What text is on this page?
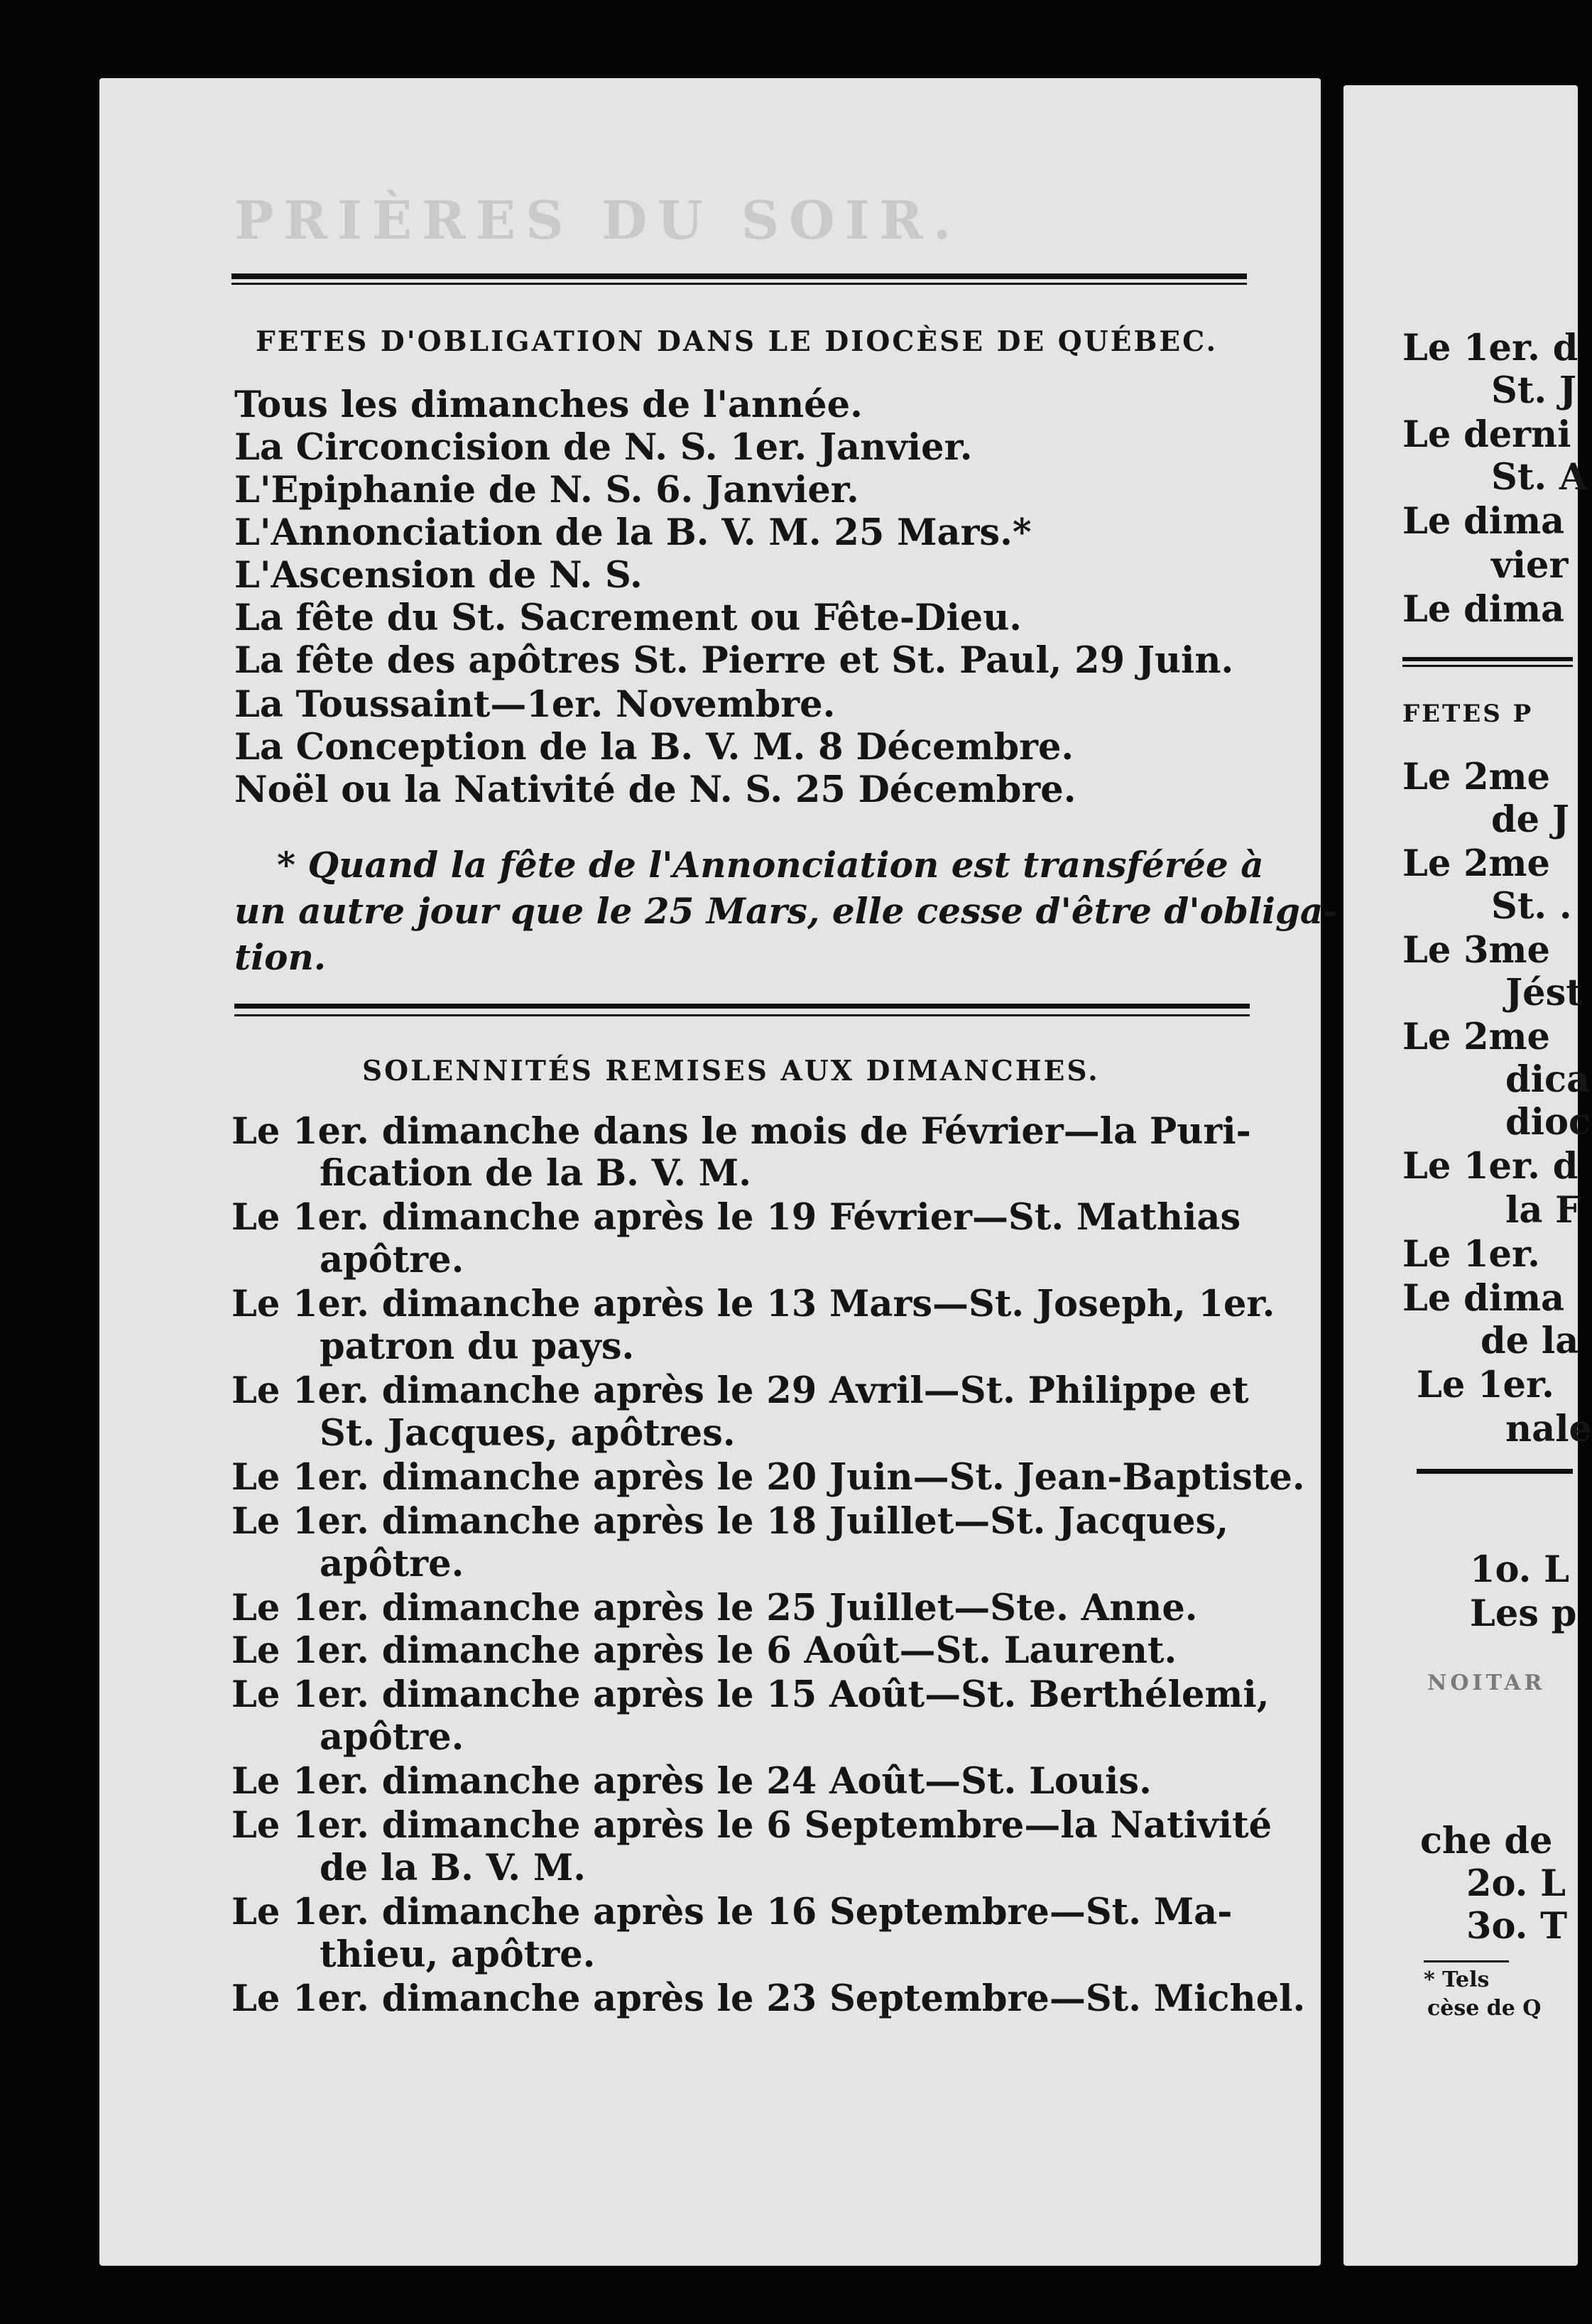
PRIÈRES DU SOIR.
FETES D'OBLIGATION DANS LE DIOCÈSE DE QUÉBEC.
Tous les dimanches de l'année.
La Circoncision de N. S. 1er. Janvier.
L'Epiphanie de N. S. 6. Janvier.
L'Annonciation de la B. V. M. 25 Mars.*
L'Ascension de N. S.
La fête du St. Sacrement ou Fête-Dieu.
La fête des apôtres St. Pierre et St. Paul, 29 Juin.
La Toussaint—1er. Novembre.
La Conception de la B. V. M. 8 Décembre.
Noël ou la Nativité de N. S. 25 Décembre.
* Quand la fête de l'Annonciation est transférée à
un autre jour que le 25 Mars, elle cesse d'être d'obliga-
tion.
SOLENNITÉS REMISES AUX DIMANCHES.
Le 1er. dimanche dans le mois de Février—la Puri-
fication de la B. V. M.
Le 1er. dimanche après le 19 Février—St. Mathias
apôtre.
Le 1er. dimanche après le 13 Mars—St. Joseph, 1er.
patron du pays.
Le 1er. dimanche après le 29 Avril—St. Philippe et
St. Jacques, apôtres.
Le 1er. dimanche après le 20 Juin—St. Jean-Baptiste.
Le 1er. dimanche après le 18 Juillet—St. Jacques,
apôtre.
Le 1er. dimanche après le 25 Juillet—Ste. Anne.
Le 1er. dimanche après le 6 Août—St. Laurent.
Le 1er. dimanche après le 15 Août—St. Berthélemi,
apôtre.
Le 1er. dimanche après le 24 Août—St. Louis.
Le 1er. dimanche après le 6 Septembre—la Nativité
de la B. V. M.
Le 1er. dimanche après le 16 Septembre—St. Ma-
thieu, apôtre.
Le 1er. dimanche après le 23 Septembre—St. Michel.
Le 1er. d
St. J
Le derni
St. A
Le dima
vier
Le dima
FETES P
Le 2me
de J
Le 2me
St. .
Le 3me
Jést
Le 2me
dica
dioc
Le 1er. d
la F
Le 1er.
Le dima
de la
Le 1er.
nale
1o. L
Les p
NOITAR
che de
2o. L
3o. T
* Tels
cèse de Q
